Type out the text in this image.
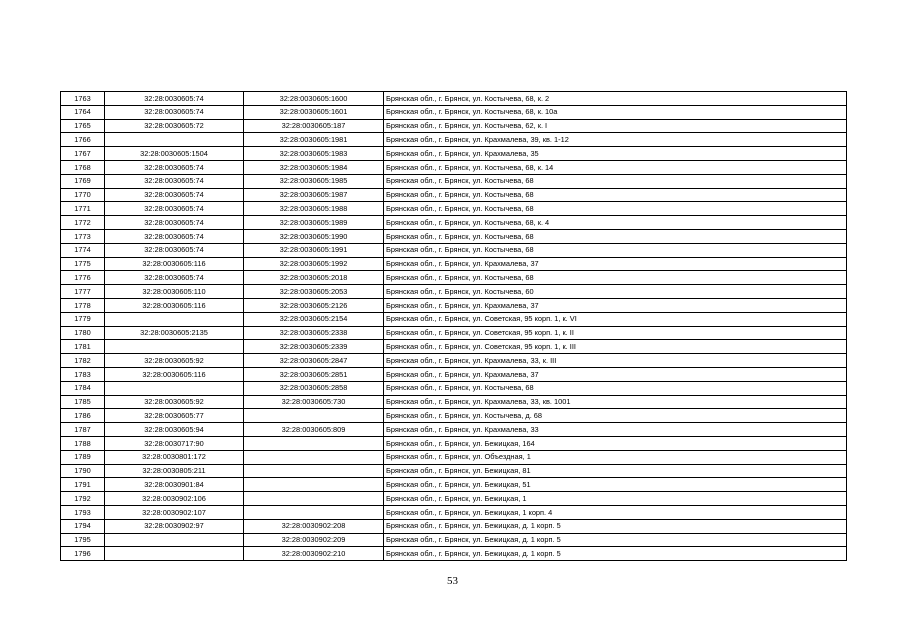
1763	32:28:0030605:74	32:28:0030605:1600	Брянская обл., г. Брянск, ул. Костычева, 68, к. 2
1764	32:28:0030605:74	32:28:0030605:1601	Брянская обл., г. Брянск, ул. Костычева, 68, к. 10а
1765	32:28:0030605:72	32:28:0030605:187	Брянская обл., г. Брянск, ул. Костычева, 62, к. I
1766		32:28:0030605:1981	Брянская обл., г. Брянск, ул. Крахмалева, 39, кв. 1-12
1767	32:28:0030605:1504	32:28:0030605:1983	Брянская обл., г. Брянск, ул. Крахмалева, 35
1768	32:28:0030605:74	32:28:0030605:1984	Брянская обл., г. Брянск, ул. Костычева, 68, к. 14
1769	32:28:0030605:74	32:28:0030605:1985	Брянская обл., г. Брянск, ул. Костычева, 68
1770	32:28:0030605:74	32:28:0030605:1987	Брянская обл., г. Брянск, ул. Костычева, 68
1771	32:28:0030605:74	32:28:0030605:1988	Брянская обл., г. Брянск, ул. Костычева, 68
1772	32:28:0030605:74	32:28:0030605:1989	Брянская обл., г. Брянск, ул. Костычева, 68, к. 4
1773	32:28:0030605:74	32:28:0030605:1990	Брянская обл., г. Брянск, ул. Костычева, 68
1774	32:28:0030605:74	32:28:0030605:1991	Брянская обл., г. Брянск, ул. Костычева, 68
1775	32:28:0030605:116	32:28:0030605:1992	Брянская обл., г. Брянск, ул. Крахмалева, 37
1776	32:28:0030605:74	32:28:0030605:2018	Брянская обл., г. Брянск, ул. Костычева, 68
1777	32:28:0030605:110	32:28:0030605:2053	Брянская обл., г. Брянск, ул. Костычева, 60
1778	32:28:0030605:116	32:28:0030605:2126	Брянская обл., г. Брянск, ул. Крахмалева, 37
1779		32:28:0030605:2154	Брянская обл., г. Брянск, ул. Советская, 95 корп. 1, к. VI
1780	32:28:0030605:2135	32:28:0030605:2338	Брянская обл., г. Брянск, ул. Советская, 95 корп. 1, к. II
1781		32:28:0030605:2339	Брянская обл., г. Брянск, ул. Советская, 95 корп. 1, к. III
1782	32:28:0030605:92	32:28:0030605:2847	Брянская обл., г. Брянск, ул. Крахмалева, 33, к. III
1783	32:28:0030605:116	32:28:0030605:2851	Брянская обл., г. Брянск, ул. Крахмалева, 37
1784		32:28:0030605:2858	Брянская обл., г. Брянск, ул. Костычева, 68
1785	32:28:0030605:92	32:28:0030605:730	Брянская обл., г. Брянск, ул. Крахмалева, 33, кв. 1001
1786	32:28:0030605:77		Брянская обл., г. Брянск, ул. Костычева, д. 68
1787	32:28:0030605:94	32:28:0030605:809	Брянская обл., г. Брянск, ул. Крахмалева, 33
1788	32:28:0030717:90		Брянская обл., г. Брянск, ул. Бежицкая, 164
1789	32:28:0030801:172		Брянская обл., г. Брянск, ул. Объездная, 1
1790	32:28:0030805:211		Брянская обл., г. Брянск, ул. Бежицкая, 81
1791	32:28:0030901:84		Брянская обл., г. Брянск, ул. Бежицкая, 51
1792	32:28:0030902:106		Брянская обл., г. Брянск, ул. Бежицкая, 1
1793	32:28:0030902:107		Брянская обл., г. Брянск, ул. Бежицкая, 1 корп. 4
1794	32:28:0030902:97	32:28:0030902:208	Брянская обл., г. Брянск, ул. Бежицкая, д. 1 корп. 5
1795		32:28:0030902:209	Брянская обл., г. Брянск, ул. Бежицкая, д. 1 корп. 5
1796		32:28:0030902:210	Брянская обл., г. Брянск, ул. Бежицкая, д. 1 корп. 5
53
